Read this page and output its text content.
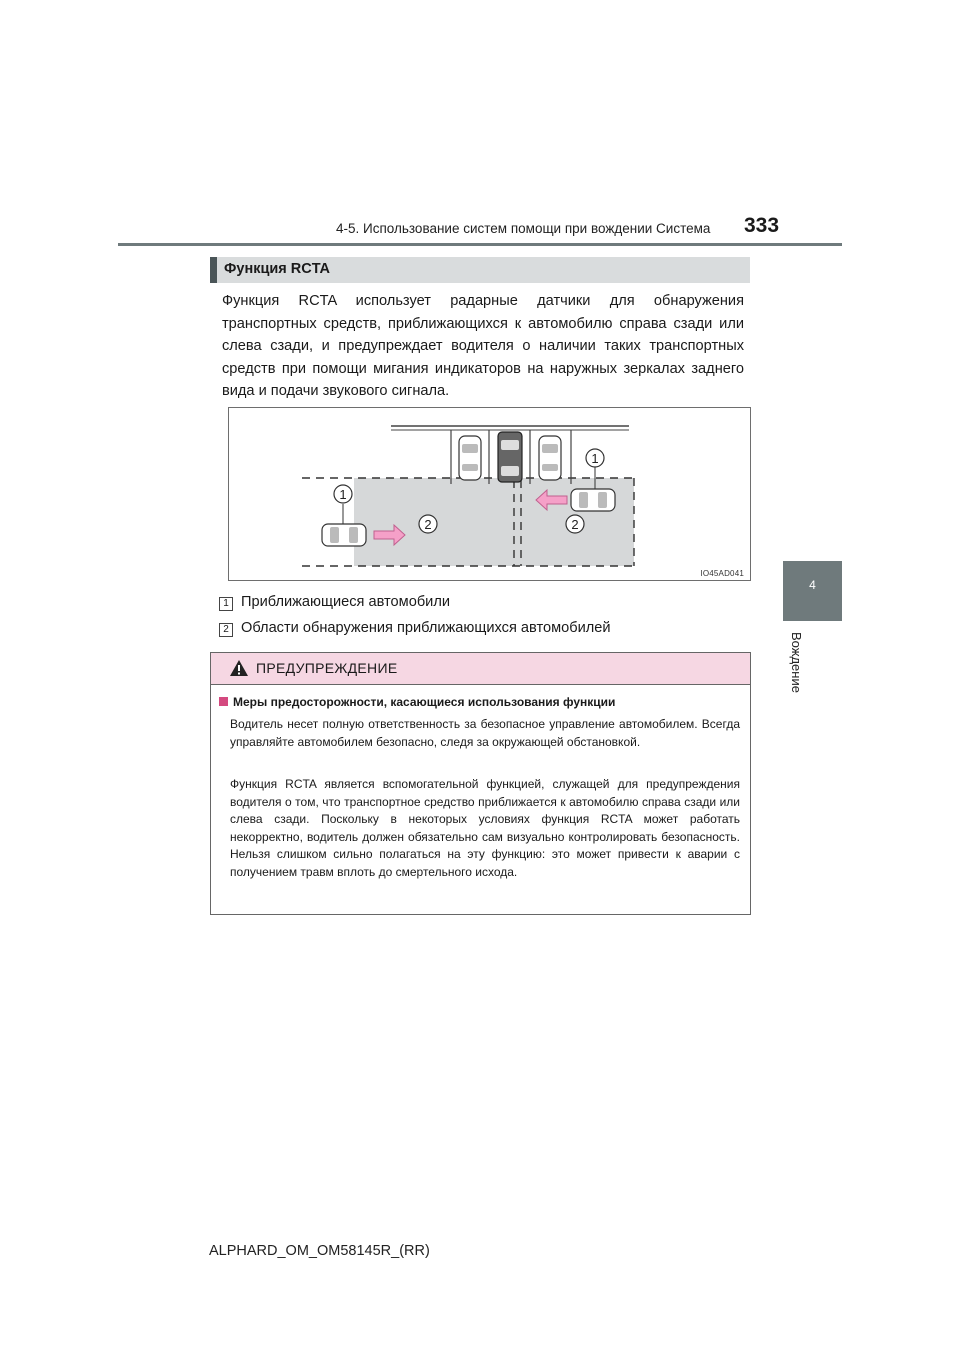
4-5. Использование систем помощи при вождении Система 333
4
Вождение
Функция RCTA
Функция RCTA использует радарные датчики для обнаружения транспортных средств, приближающихся к автомобилю справа сзади или слева сзади, и предупреждает водителя о наличии таких транспортных средств при помощи мигания индикаторов на наружных зеркалах заднего вида и подачи звукового сигнала.
1
1
2	2
IO45AD041
1 Приближающиеся автомобили
2 Области обнаружения приближающихся автомобилей
ПРЕДУПРЕЖДЕНИЕ
Меры предосторожности, касающиеся использования функции
Водитель несет полную ответственность за безопасное управление автомобилем. Всегда управляйте автомобилем безопасно, следя за окружающей обстановкой.
Функция RCTA является вспомогательной функцией, служащей для предупреждения водителя о том, что транспортное средство приближается к автомобилю справа сзади или слева сзади. Поскольку в некоторых условиях функция RCTA может работать некорректно, водитель должен обязательно сам визуально контролировать безопасность. Нельзя слишком сильно полагаться на эту функцию: это может привести к аварии с получением травм вплоть до смертельного исхода.
ALPHARD_OM_OM58145R_(RR)
